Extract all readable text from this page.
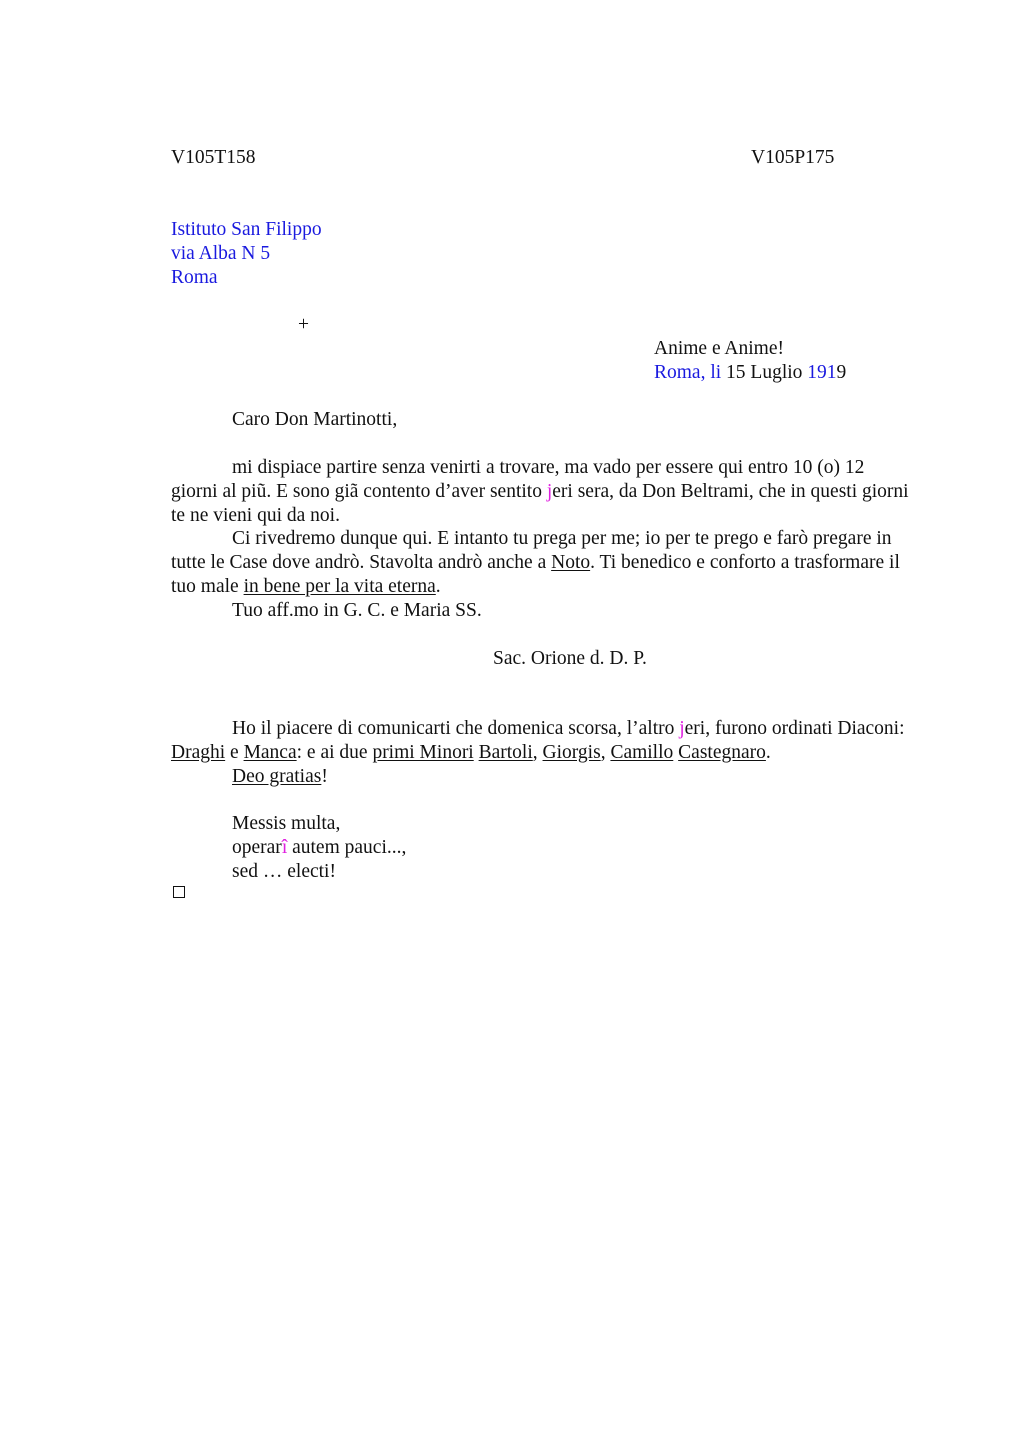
V105T158	V105P175
Istituto San Filippo
via Alba N 5
Roma
+
Anime e Anime!
Roma, li 15 Luglio 1919
Caro Don Martinotti,

mi dispiace partire senza venirti a trovare, ma vado per essere qui entro 10 (o) 12 giorni al piũ. E sono giã contento d’aver sentito jeri sera, da Don Beltrami, che in questi giorni te ne vieni qui da noi.

Ci rivedremo dunque qui. E intanto tu prega per me; io per te prego e farò pregare in tutte le Case dove andrò. Stavolta andrò anche a Noto. Ti benedico e conforto a trasformare il tuo male in bene per la vita eterna.

Tuo aff.mo in G. C. e Maria SS.

Sac. Orione d. D. P.

Ho il piacere di comunicarti che domenica scorsa, l’altro jeri, furono ordinati Diaconi: Draghi e Manca: e ai due primi Minori Bartoli, Giorgis, Camillo Castegnaro.

Deo gratias!

Messis multa,
operarî autem pauci...,
sed … electi!
